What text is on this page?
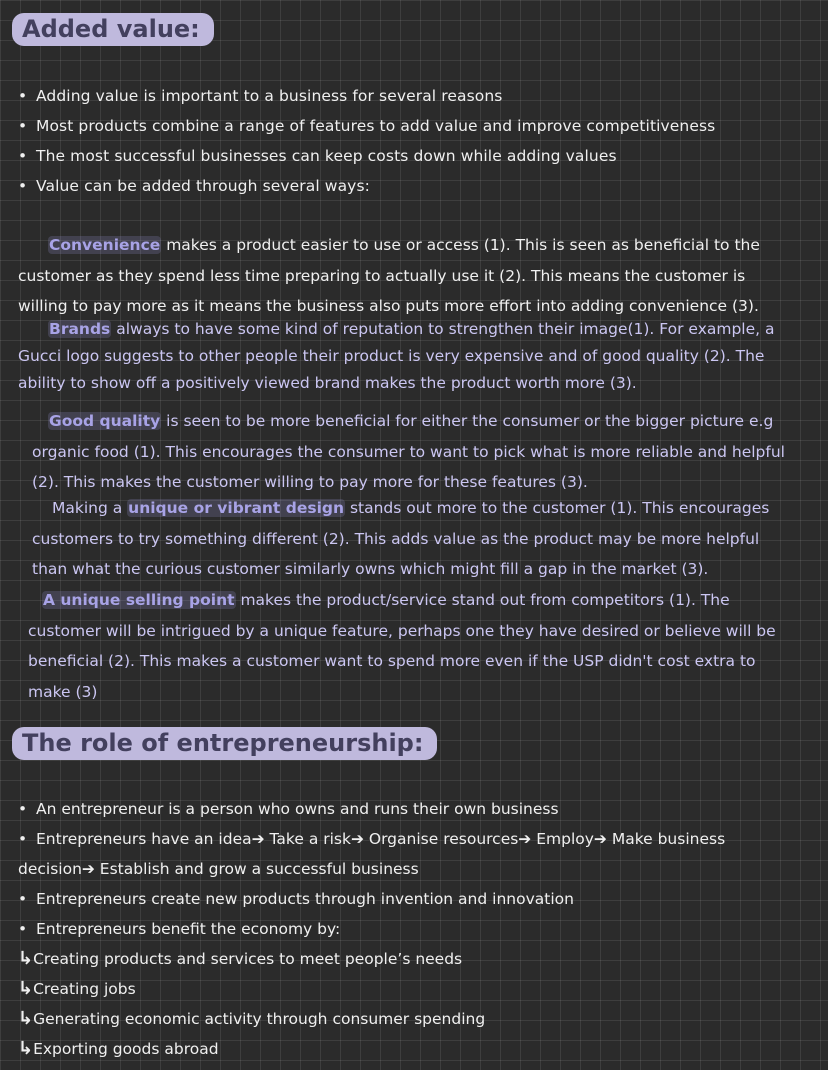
Added value:
• Adding value is important to a business for several reasons
• Most products combine a range of features to add value and improve competitiveness
• The most successful businesses can keep costs down while adding values
• Value can be added through several ways:
Convenience makes a product easier to use or access (1). This is seen as beneficial to the
customer as they spend less time preparing to actually use it (2). This means the customer is
willing to pay more as it means the business also puts more effort into adding convenience (3).
Brands always to have some kind of reputation to strengthen their image(1). For example, a
Gucci logo suggests to other people their product is very expensive and of good quality (2). The
ability to show off a positively viewed brand makes the product worth more (3).
Good quality is seen to be more beneficial for either the consumer or the bigger picture e.g
organic food (1). This encourages the consumer to want to pick what is more reliable and helpful
(2). This makes the customer willing to pay more for these features (3).
Making a unique or vibrant design stands out more to the customer (1). This encourages
customers to try something different (2). This adds value as the product may be more helpful
than what the curious customer similarly owns which might fill a gap in the market (3).
A unique selling point makes the product/service stand out from competitors (1). The
customer will be intrigued by a unique feature, perhaps one they have desired or believe will be
beneficial (2). This makes a customer want to spend more even if the USP didn't cost extra to
make (3)
The role of entrepreneurship:
• An entrepreneur is a person who owns and runs their own business
• Entrepreneurs have an idea➔ Take a risk➔ Organise resources➔ Employ➔ Make business
decision➔ Establish and grow a successful business
• Entrepreneurs create new products through invention and innovation
• Entrepreneurs benefit the economy by:
↳Creating products and services to meet people’s needs
↳Creating jobs
↳Generating economic activity through consumer spending
↳Exporting goods abroad
